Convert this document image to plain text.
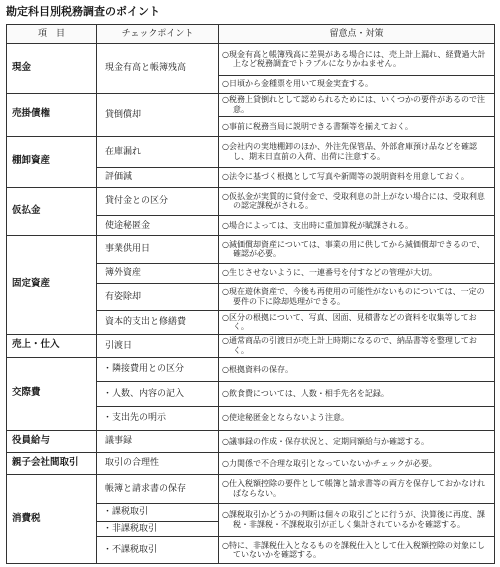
勘定科目別税務調査のポイント
項　目	チェックポイント	留意点・対策
現金	現金有高と帳簿残高	○現金有高と帳簿残高に差異がある場合には、売上計上漏れ、経費過大計上など税務調査でトラブルになりかねません。
		○日頃から金種票を用いて現金実査する。
売掛債権	貸倒償却	○税務上貸倒れとして認められるためには、いくつかの要件があるので注意。
		○事前に税務当局に説明できる書類等を揃えておく。
棚卸資産	在庫漏れ	○会社内の実地棚卸のほか、外注先保管品、外部倉庫預け品などを確認し、期末日直前の入荷、出荷に注意する。
	評価減	○法令に基づく根拠として写真や新聞等の説明資料を用意しておく。
仮払金	貸付金との区分	○仮払金が実質的に貸付金で、受取利息の計上がない場合には、受取利息の認定課税がされる。
	使途秘匿金	○場合によっては、支出時に重加算税が賦課される。
固定資産	事業供用日	○減価償却資産については、事業の用に供してから減価償却できるので、確認が必要。
	簿外資産	○生じさせないように、一連番号を付すなどの管理が大切。
	有姿除却	○現在遊休資産で、今後も再使用の可能性がないものについては、一定の要件の下に除却処理ができる。
	資本的支出と修繕費	○区分の根拠について、写真、図面、見積書などの資料を収集等しておく。
売上・仕入	引渡日	○通常商品の引渡日が売上計上時期になるので、納品書等を整理しておく。
交際費	・隣接費用との区分	○根拠資料の保存。
	・人数、内容の記入	○飲食費については、人数・相手先名を記録。
	・支出先の明示	○使途秘匿金とならないよう注意。
役員給与	議事録	○議事録の作成・保存状況と、定期同額給与か確認する。
親子会社間取引	取引の合理性	○力関係で不合理な取引となっていないかチェックが必要。
消費税	帳簿と請求書の保存	○仕入税額控除の要件として帳簿と請求書等の両方を保存しておかなければならない。
	・課税取引	○課税取引かどうかの判断は個々の取引ごとに行うが、決算後に再度、課税・非課税・不課税取引が正しく集計されているかを確認する。
	・非課税取引	
	・不課税取引	○特に、非課税仕入となるものを課税仕入として仕入税額控除の対象にしていないかを確認する。
